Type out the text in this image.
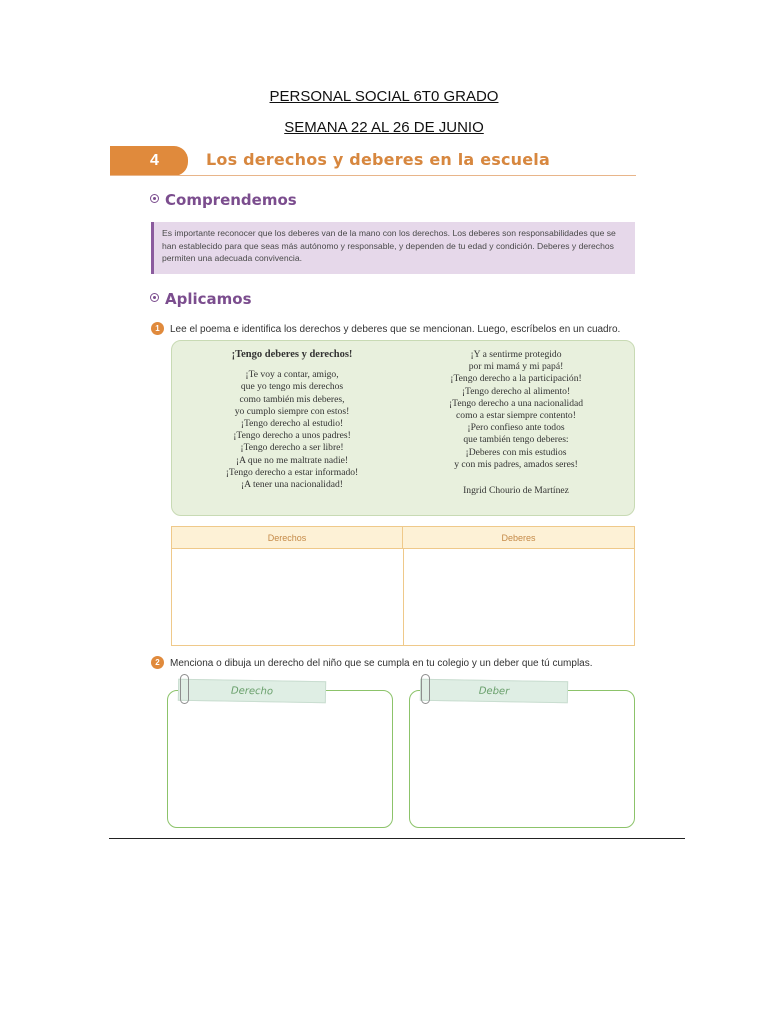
PERSONAL SOCIAL 6T0 GRADO
SEMANA 22 AL 26 DE JUNIO
4	Los derechos y deberes en la escuela
Comprendemos
Es importante reconocer que los deberes van de la mano con los derechos. Los deberes son responsabilidades que se han establecido para que seas más autónomo y responsable, y dependen de tu edad y condición. Deberes y derechos permiten una adecuada convivencia.
Aplicamos
1 Lee el poema e identifica los derechos y deberes que se mencionan. Luego, escríbelos en un cuadro.
¡Tengo deberes y derechos!
¡Te voy a contar, amigo,
que yo tengo mis derechos
como también mis deberes,
yo cumplo siempre con estos!
¡Tengo derecho al estudio!
¡Tengo derecho a unos padres!
¡Tengo derecho a ser libre!
¡A que no me maltrate nadie!
¡Tengo derecho a estar informado!
¡A tener una nacionalidad!
¡Y a sentirme protegido
por mi mamá y mi papá!
¡Tengo derecho a la participación!
¡Tengo derecho al alimento!
¡Tengo derecho a una nacionalidad
como a estar siempre contento!
¡Pero confieso ante todos
que también tengo deberes:
¡Deberes con mis estudios
y con mis padres, amados seres!
Ingrid Chourio de Martínez
Derechos	Deberes
2 Menciona o dibuja un derecho del niño que se cumpla en tu colegio y un deber que tú cumplas.
Derecho	Deber
